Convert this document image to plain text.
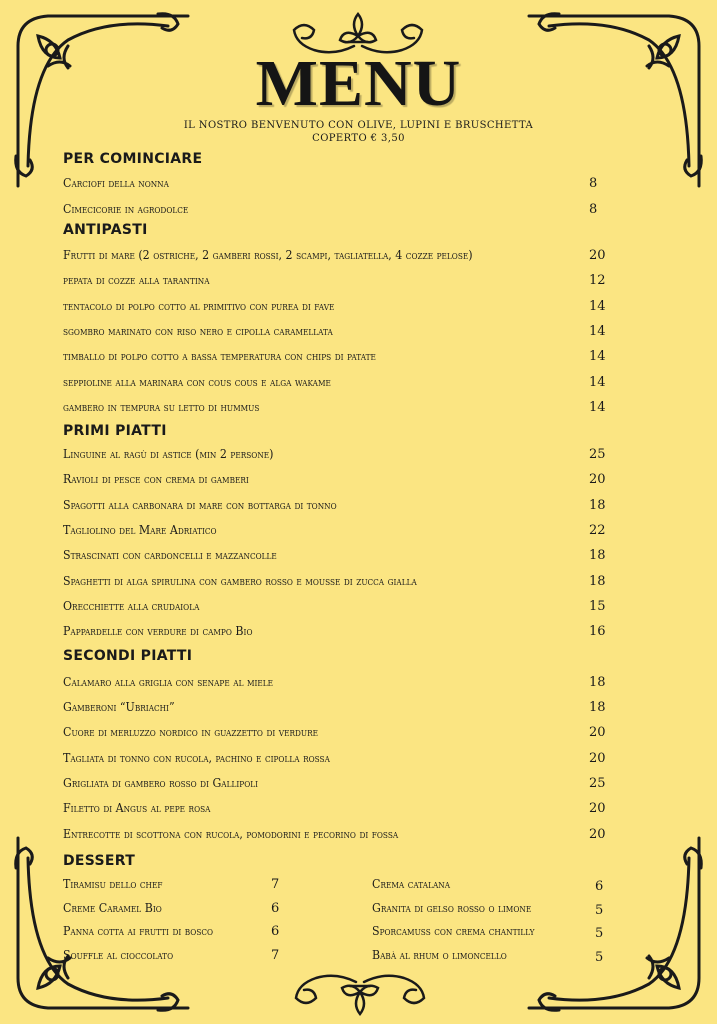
MENU
IL NOSTRO BENVENUTO CON OLIVE, LUPINI E BRUSCHETTA
COPERTO € 3,50
PER COMINCIARE
Carciofi della nonna	8
Cimecicorie in agrodolce	8
ANTIPASTI
Frutti di mare (2 ostriche, 2 gamberi rossi, 2 scampi, tagliatella, 4 cozze pelose)	20
pepata di cozze alla tarantina	12
tentacolo di polpo cotto al primitivo con purea di fave	14
sgombro marinato con riso nero e cipolla caramellata	14
timballo di polpo cotto a bassa temperatura con chips di patate	14
seppioline alla marinara con cous cous e alga wakame	14
gambero in tempura su letto di hummus	14
PRIMI PIATTI
Linguine al ragù di astice (min 2 persone)	25
Ravioli di pesce con crema di gamberi	20
Spagotti alla carbonara di mare con bottarga di tonno	18
Tagliolino del Mare Adriatico	22
Strascinati con cardoncelli e mazzancolle	18
Spaghetti di alga spirulina con gambero rosso e mousse di zucca gialla	18
Orecchiette alla crudaiola	15
Pappardelle con verdure di campo Bio	16
SECONDI PIATTI
Calamaro alla griglia con senape al miele	18
Gamberoni “Ubriachi”	18
Cuore di merluzzo nordico in guazzetto di verdure	20
Tagliata di tonno con rucola, pachino e cipolla rossa	20
Grigliata di gambero rosso di Gallipoli	25
Filetto di Angus al pepe rosa	20
Entrecotte di scottona con rucola, pomodorini e pecorino di fossa	20
DESSERT
Tiramisu dello chef	7
Creme Caramel Bio	6
Panna cotta ai frutti di bosco	6
Souffle al cioccolato	7
Crema catalana	6
Granita di gelso rosso o limone	5
Sporcamuss con crema chantilly	5
Babà al rhum o limoncello	5
